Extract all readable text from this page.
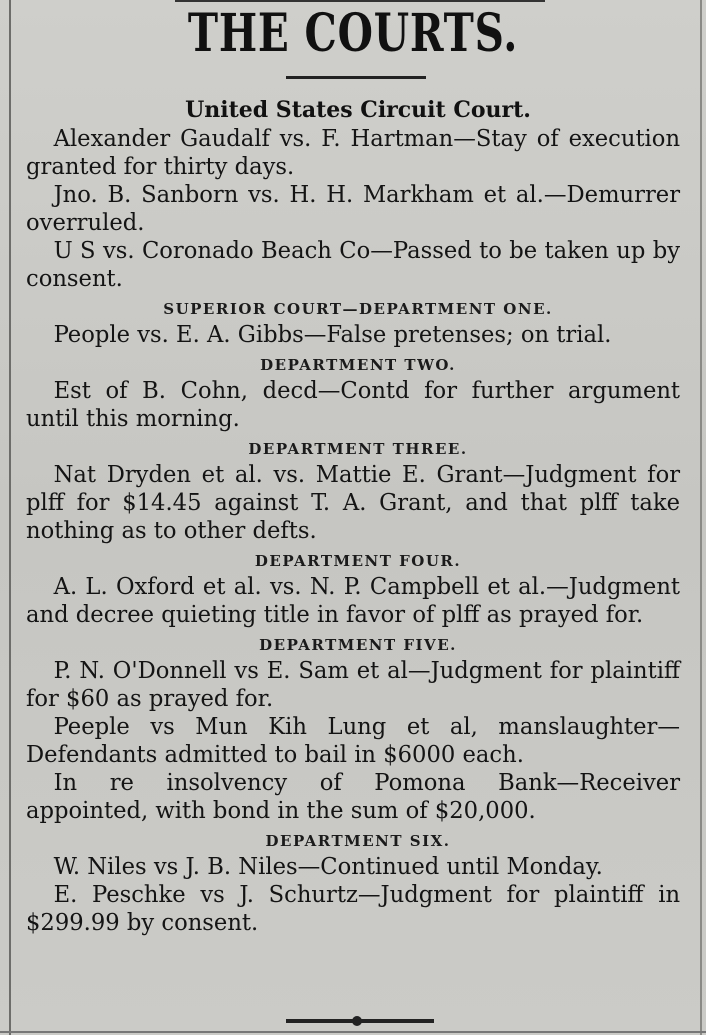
THE COURTS.
United States Circuit Court.

Alexander Gaudalf vs. F. Hartman—Stay of execution granted for thirty days.

Jno. B. Sanborn vs. H. H. Markham et al.—Demurrer overruled.

U S vs. Coronado Beach Co—Passed to be taken up by consent.

SUPERIOR COURT—DEPARTMENT ONE.

People vs. E. A. Gibbs—False pretenses; on trial.

DEPARTMENT TWO.

Est of B. Cohn, decd—Contd for further argument until this morning.

DEPARTMENT THREE.

Nat Dryden et al. vs. Mattie E. Grant—Judgment for plff for $14.45 against T. A. Grant, and that plff take nothing as to other defts.

DEPARTMENT FOUR.

A. L. Oxford et al. vs. N. P. Campbell et al.—Judgment and decree quieting title in favor of plff as prayed for.

DEPARTMENT FIVE.

P. N. O'Donnell vs E. Sam et al—Judgment for plaintiff for $60 as prayed for.

Peeple vs Mun Kih Lung et al, manslaughter—Defendants admitted to bail in $6000 each.

In re insolvency of Pomona Bank—Receiver appointed, with bond in the sum of $20,000.

DEPARTMENT SIX.

W. Niles vs J. B. Niles—Continued until Monday.

E. Peschke vs J. Schurtz—Judgment for plaintiff in $299.99 by consent.
